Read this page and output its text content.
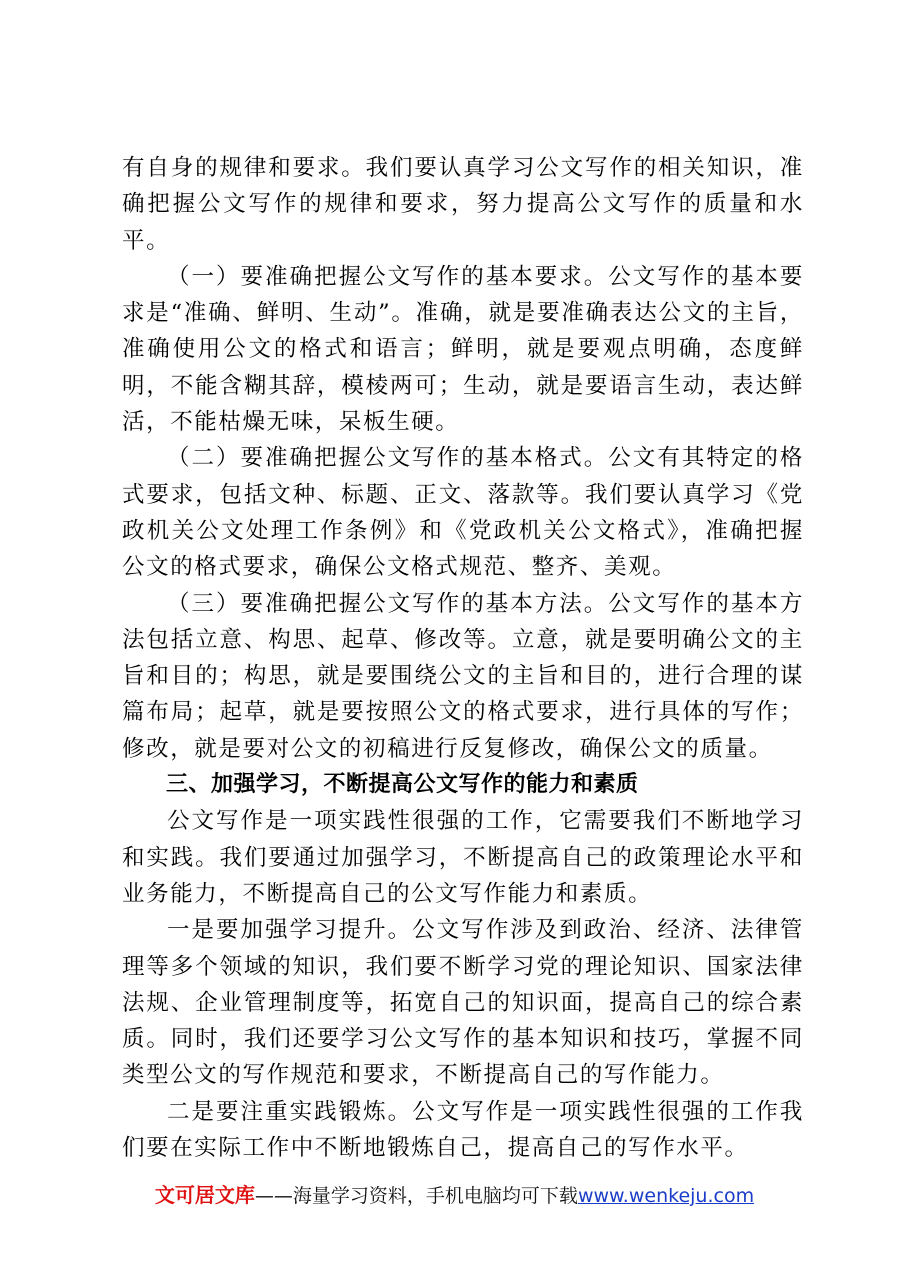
有自身的规律和要求。我们要认真学习公文写作的相关知识，准确把握公文写作的规律和要求，努力提高公文写作的质量和水平。

（一）要准确把握公文写作的基本要求。公文写作的基本要求是“准确、鲜明、生动”。准确，就是要准确表达公文的主旨，准确使用公文的格式和语言；鲜明，就是要观点明确，态度鲜明，不能含糊其辞，模棱两可；生动，就是要语言生动，表达鲜活，不能枯燥无味，呆板生硬。

（二）要准确把握公文写作的基本格式。公文有其特定的格式要求，包括文种、标题、正文、落款等。我们要认真学习《党政机关公文处理工作条例》和《党政机关公文格式》，准确把握公文的格式要求，确保公文格式规范、整齐、美观。

（三）要准确把握公文写作的基本方法。公文写作的基本方法包括立意、构思、起草、修改等。立意，就是要明确公文的主旨和目的；构思，就是要围绕公文的主旨和目的，进行合理的谋篇布局；起草，就是要按照公文的格式要求，进行具体的写作；修改，就是要对公文的初稿进行反复修改，确保公文的质量。

三、加强学习，不断提高公文写作的能力和素质

公文写作是一项实践性很强的工作，它需要我们不断地学习和实践。我们要通过加强学习，不断提高自己的政策理论水平和业务能力，不断提高自己的公文写作能力和素质。

一是要加强学习提升。公文写作涉及到政治、经济、法律管理等多个领域的知识，我们要不断学习党的理论知识、国家法律法规、企业管理制度等，拓宽自己的知识面，提高自己的综合素质。同时，我们还要学习公文写作的基本知识和技巧，掌握不同类型公文的写作规范和要求，不断提高自己的写作能力。

二是要注重实践锻炼。公文写作是一项实践性很强的工作我们要在实际工作中不断地锻炼自己，提高自己的写作水平。

文可居文库——海量学习资料，手机电脑均可下载www.wenkeju.com
